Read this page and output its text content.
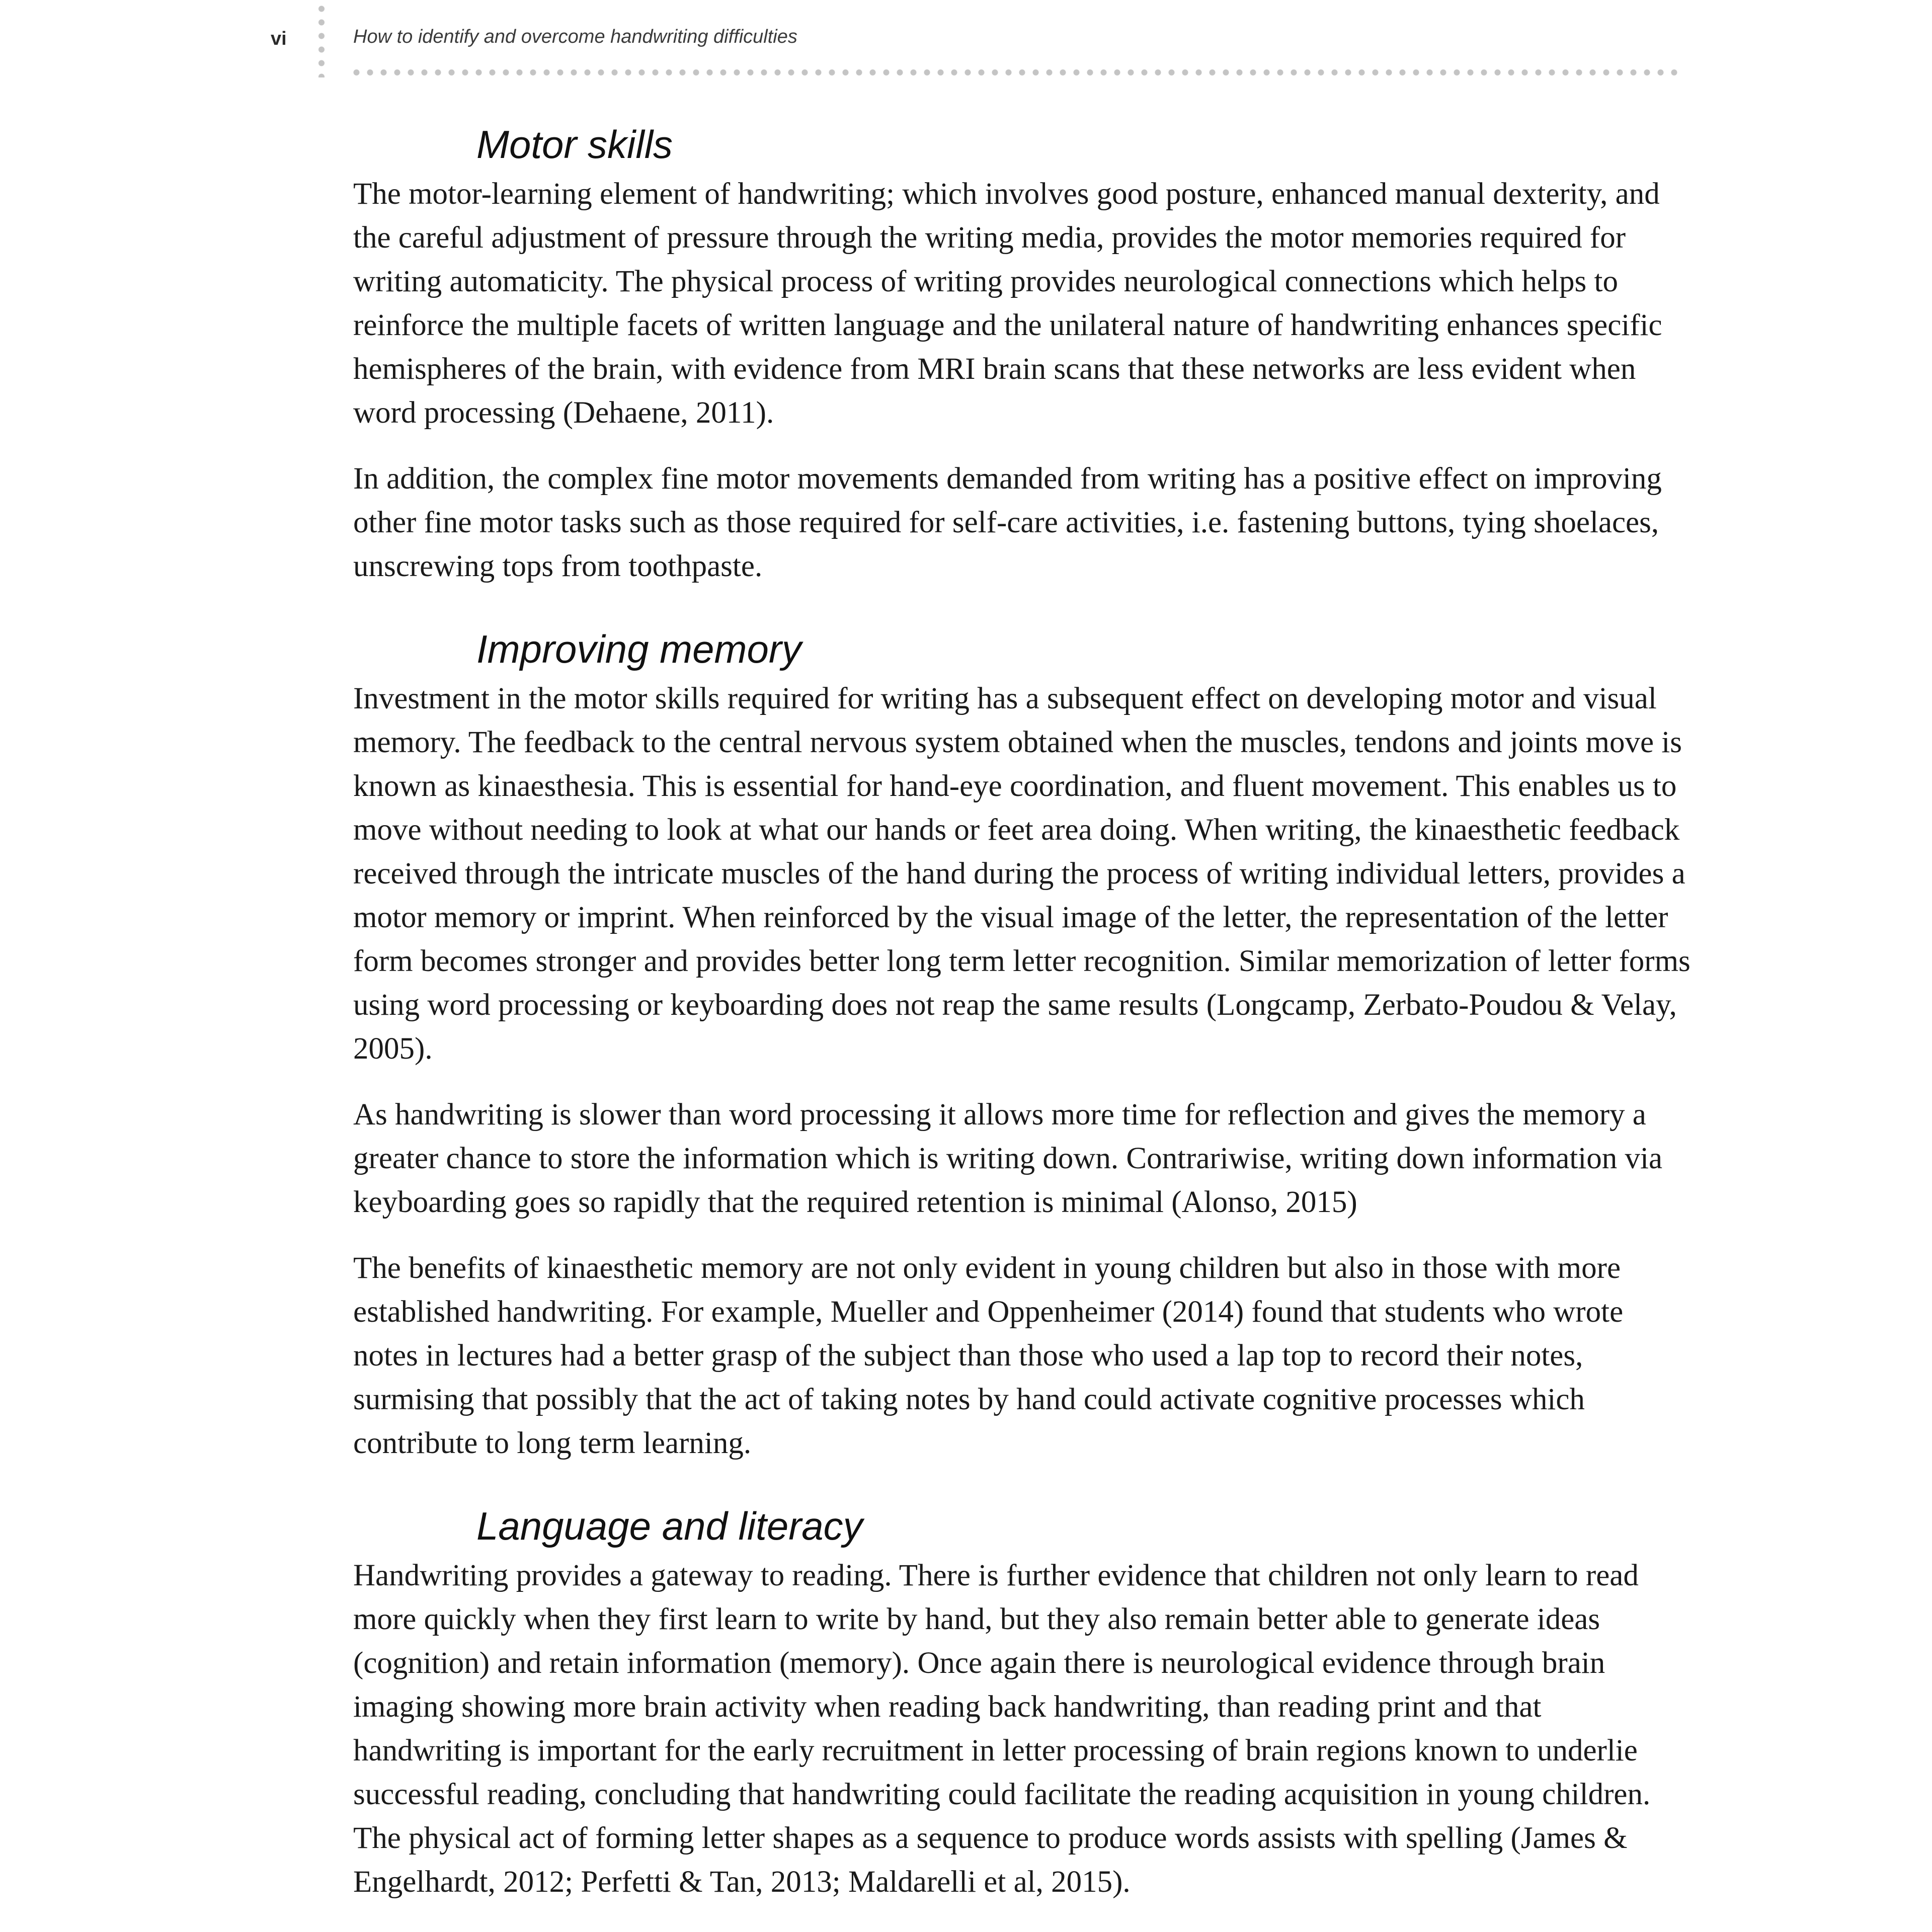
vi	How to identify and overcome handwriting difficulties
Motor skills

The motor-learning element of handwriting; which involves good posture, enhanced manual dexterity, and the careful adjustment of pressure through the writing media, provides the motor memories required for writing automaticity. The physical process of writing provides neurological connections which helps to reinforce the multiple facets of written language and the unilateral nature of handwriting enhances specific hemispheres of the brain, with evidence from MRI brain scans that these networks are less evident when word processing (Dehaene, 2011).

In addition, the complex fine motor movements demanded from writing has a positive effect on improving other fine motor tasks such as those required for self-care activities, i.e. fastening buttons, tying shoelaces, unscrewing tops from toothpaste.

Improving memory

Investment in the motor skills required for writing has a subsequent effect on developing motor and visual memory. The feedback to the central nervous system obtained when the muscles, tendons and joints move is known as kinaesthesia. This is essential for hand-eye coordination, and fluent movement. This enables us to move without needing to look at what our hands or feet area doing. When writing, the kinaesthetic feedback received through the intricate muscles of the hand during the process of writing individual letters, provides a motor memory or imprint. When reinforced by the visual image of the letter, the representation of the letter form becomes stronger and provides better long term letter recognition. Similar memorization of letter forms using word processing or keyboarding does not reap the same results (Longcamp, Zerbato-Poudou & Velay, 2005).

As handwriting is slower than word processing it allows more time for reflection and gives the memory a greater chance to store the information which is writing down. Contrariwise, writing down information via keyboarding goes so rapidly that the required retention is minimal (Alonso, 2015)

The benefits of kinaesthetic memory are not only evident in young children but also in those with more established handwriting. For example, Mueller and Oppenheimer (2014) found that students who wrote notes in lectures had a better grasp of the subject than those who used a lap top to record their notes, surmising that possibly that the act of taking notes by hand could activate cognitive processes which contribute to long term learning.

Language and literacy

Handwriting provides a gateway to reading. There is further evidence that children not only learn to read more quickly when they first learn to write by hand, but they also remain better able to generate ideas (cognition) and retain information (memory). Once again there is neurological evidence through brain imaging showing more brain activity when reading back handwriting, than reading print and that handwriting is important for the early recruitment in letter processing of brain regions known to underlie successful reading, concluding that handwriting could facilitate the reading acquisition in young children. The physical act of forming letter shapes as a sequence to produce words assists with spelling (James & Engelhardt, 2012; Perfetti & Tan, 2013; Maldarelli et al, 2015).
